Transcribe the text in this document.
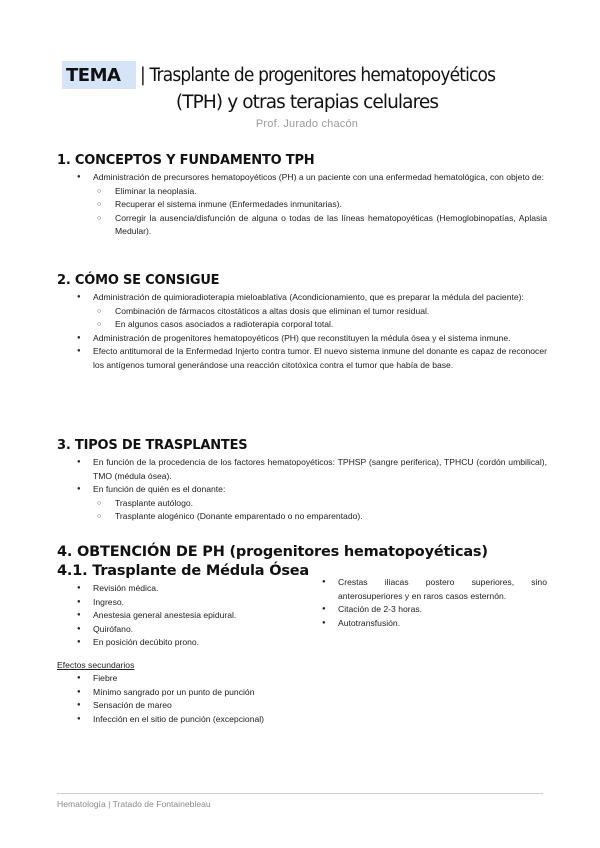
TEMA	| Trasplante de progenitores hematopoyéticos
(TPH) y otras terapias celulares
Prof. Jurado chacón
1. CONCEPTOS Y FUNDAMENTO TPH
● Administración de precursores hematopoyéticos (PH) a un paciente con una enfermedad hematológica, con objeto de:
○ Eliminar la neoplasia.
○ Recuperar el sistema inmune (Enfermedades inmunitarias).
○ Corregir la ausencia/disfunción de alguna o todas de las líneas hematopoyéticas (Hemoglobinopatías, Aplasia Medular).
2. CÓMO SE CONSIGUE
● Administración de quimioradioterapia mieloablativa (Acondicionamiento, que es preparar la médula del paciente):
○ Combinación de fármacos citostáticos a altas dosis que eliminan el tumor residual.
○ En algunos casos asociados a radioterapia corporal total.
● Administración de progenitores hematopoyéticos (PH) que reconstituyen la médula ósea y el sistema inmune.
● Efecto antitumoral de la Enfermedad Injerto contra tumor. El nuevo sistema inmune del donante es capaz de reconocer los antígenos tumoral generándose una reacción citotóxica contra el tumor que había de base.
3. TIPOS DE TRASPLANTES
● En función de la procedencia de los factores hematopoyéticos: TPHSP (sangre periferica), TPHCU (cordón umbilical), TMO (médula ósea).
● En función de quién es el donante:
○ Trasplante autólogo.
○ Trasplante alogénico (Donante emparentado o no emparentado).
4. OBTENCIÓN DE PH (progenitores hematopoyéticas)
4.1. Trasplante de Médula Ósea
● Revisión médica.
● Ingreso.
● Anestesia general anestesia epidural.
● Quirófano.
● En posición decúbito prono.
● Crestas iliacas postero superiores, sino anterosuperiores y en raros casos esternón.
● Citación de 2-3 horas.
● Autotransfusión.
Efectos secundarios
● Fiebre
● Mínimo sangrado por un punto de punción
● Sensación de mareo
● Infección en el sitio de punción (excepcional)
Hematología | Tratado de Fontainebleau
